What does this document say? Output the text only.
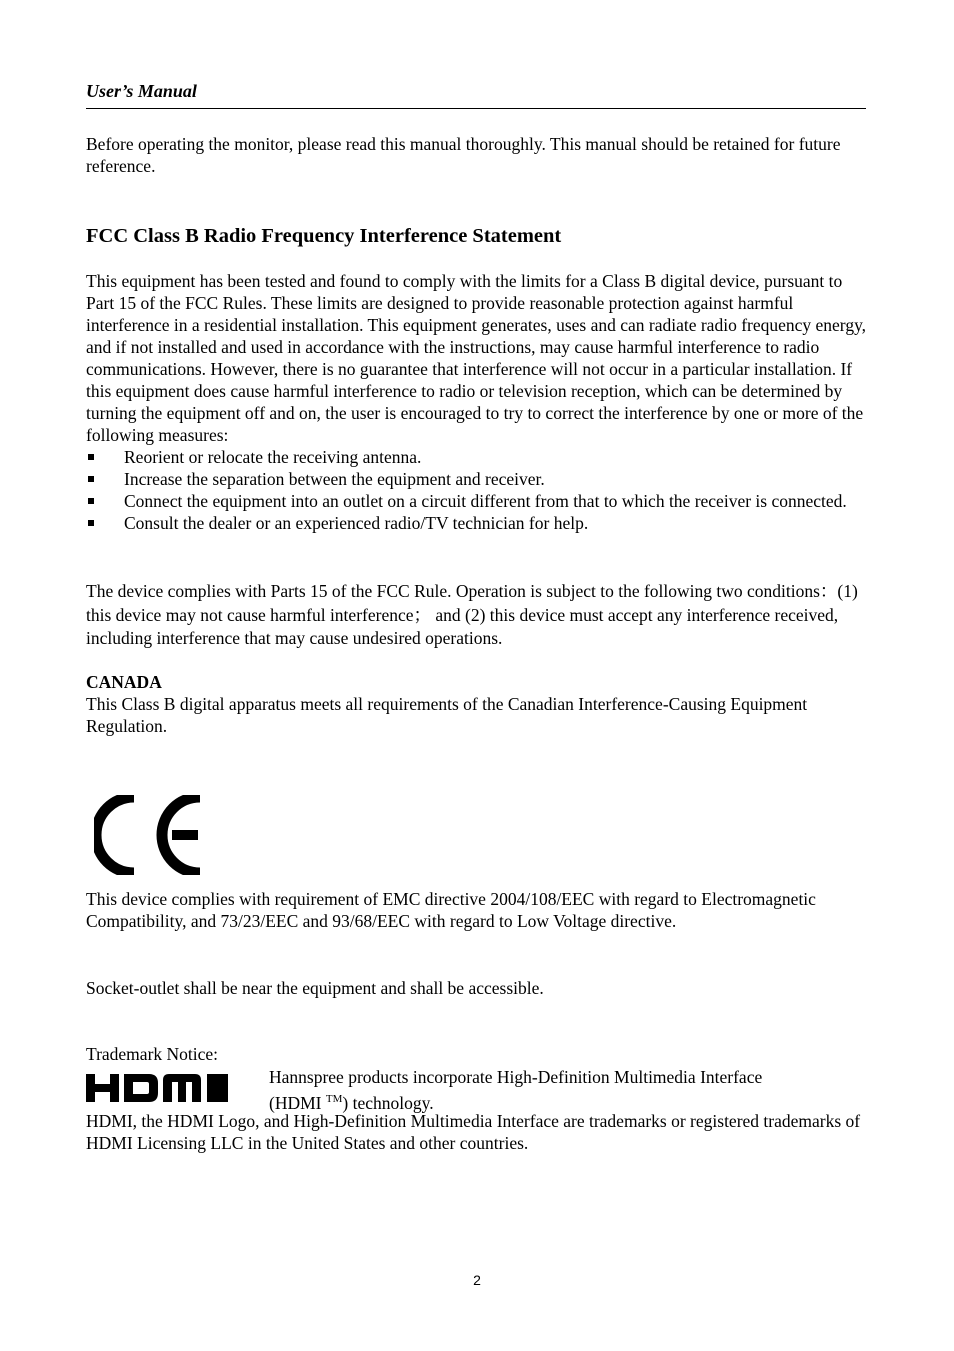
User’s Manual
Before operating the monitor, please read this manual thoroughly. This manual should be retained for future reference.
FCC Class B Radio Frequency Interference Statement
This equipment has been tested and found to comply with the limits for a Class B digital device, pursuant to Part 15 of the FCC Rules. These limits are designed to provide reasonable protection against harmful interference in a residential installation. This equipment generates, uses and can radiate radio frequency energy, and if not installed and used in accordance with the instructions, may cause harmful interference to radio communications. However, there is no guarantee that interference will not occur in a particular installation. If this equipment does cause harmful interference to radio or television reception, which can be determined by turning the equipment off and on, the user is encouraged to try to correct the interference by one or more of the following measures:
Reorient or relocate the receiving antenna.
Increase the separation between the equipment and receiver.
Connect the equipment into an outlet on a circuit different from that to which the receiver is connected.
Consult the dealer or an experienced radio/TV technician for help.
The device complies with Parts 15 of the FCC Rule. Operation is subject to the following two conditions：(1) this device may not cause harmful interference； and (2) this device must accept any interference received, including interference that may cause undesired operations.
CANADA
This Class B digital apparatus meets all requirements of the Canadian Interference-Causing Equipment Regulation.
This device complies with requirement of EMC directive 2004/108/EEC with regard to Electromagnetic Compatibility, and 73/23/EEC and 93/68/EEC with regard to Low Voltage directive.
Socket-outlet shall be near the equipment and shall be accessible.
Trademark Notice:
Hannspree products incorporate High-Definition Multimedia Interface
(HDMI ™) technology.
HDMI, the HDMI Logo, and High-Definition Multimedia Interface are trademarks or registered trademarks of HDMI Licensing LLC in the United States and other countries.
2
